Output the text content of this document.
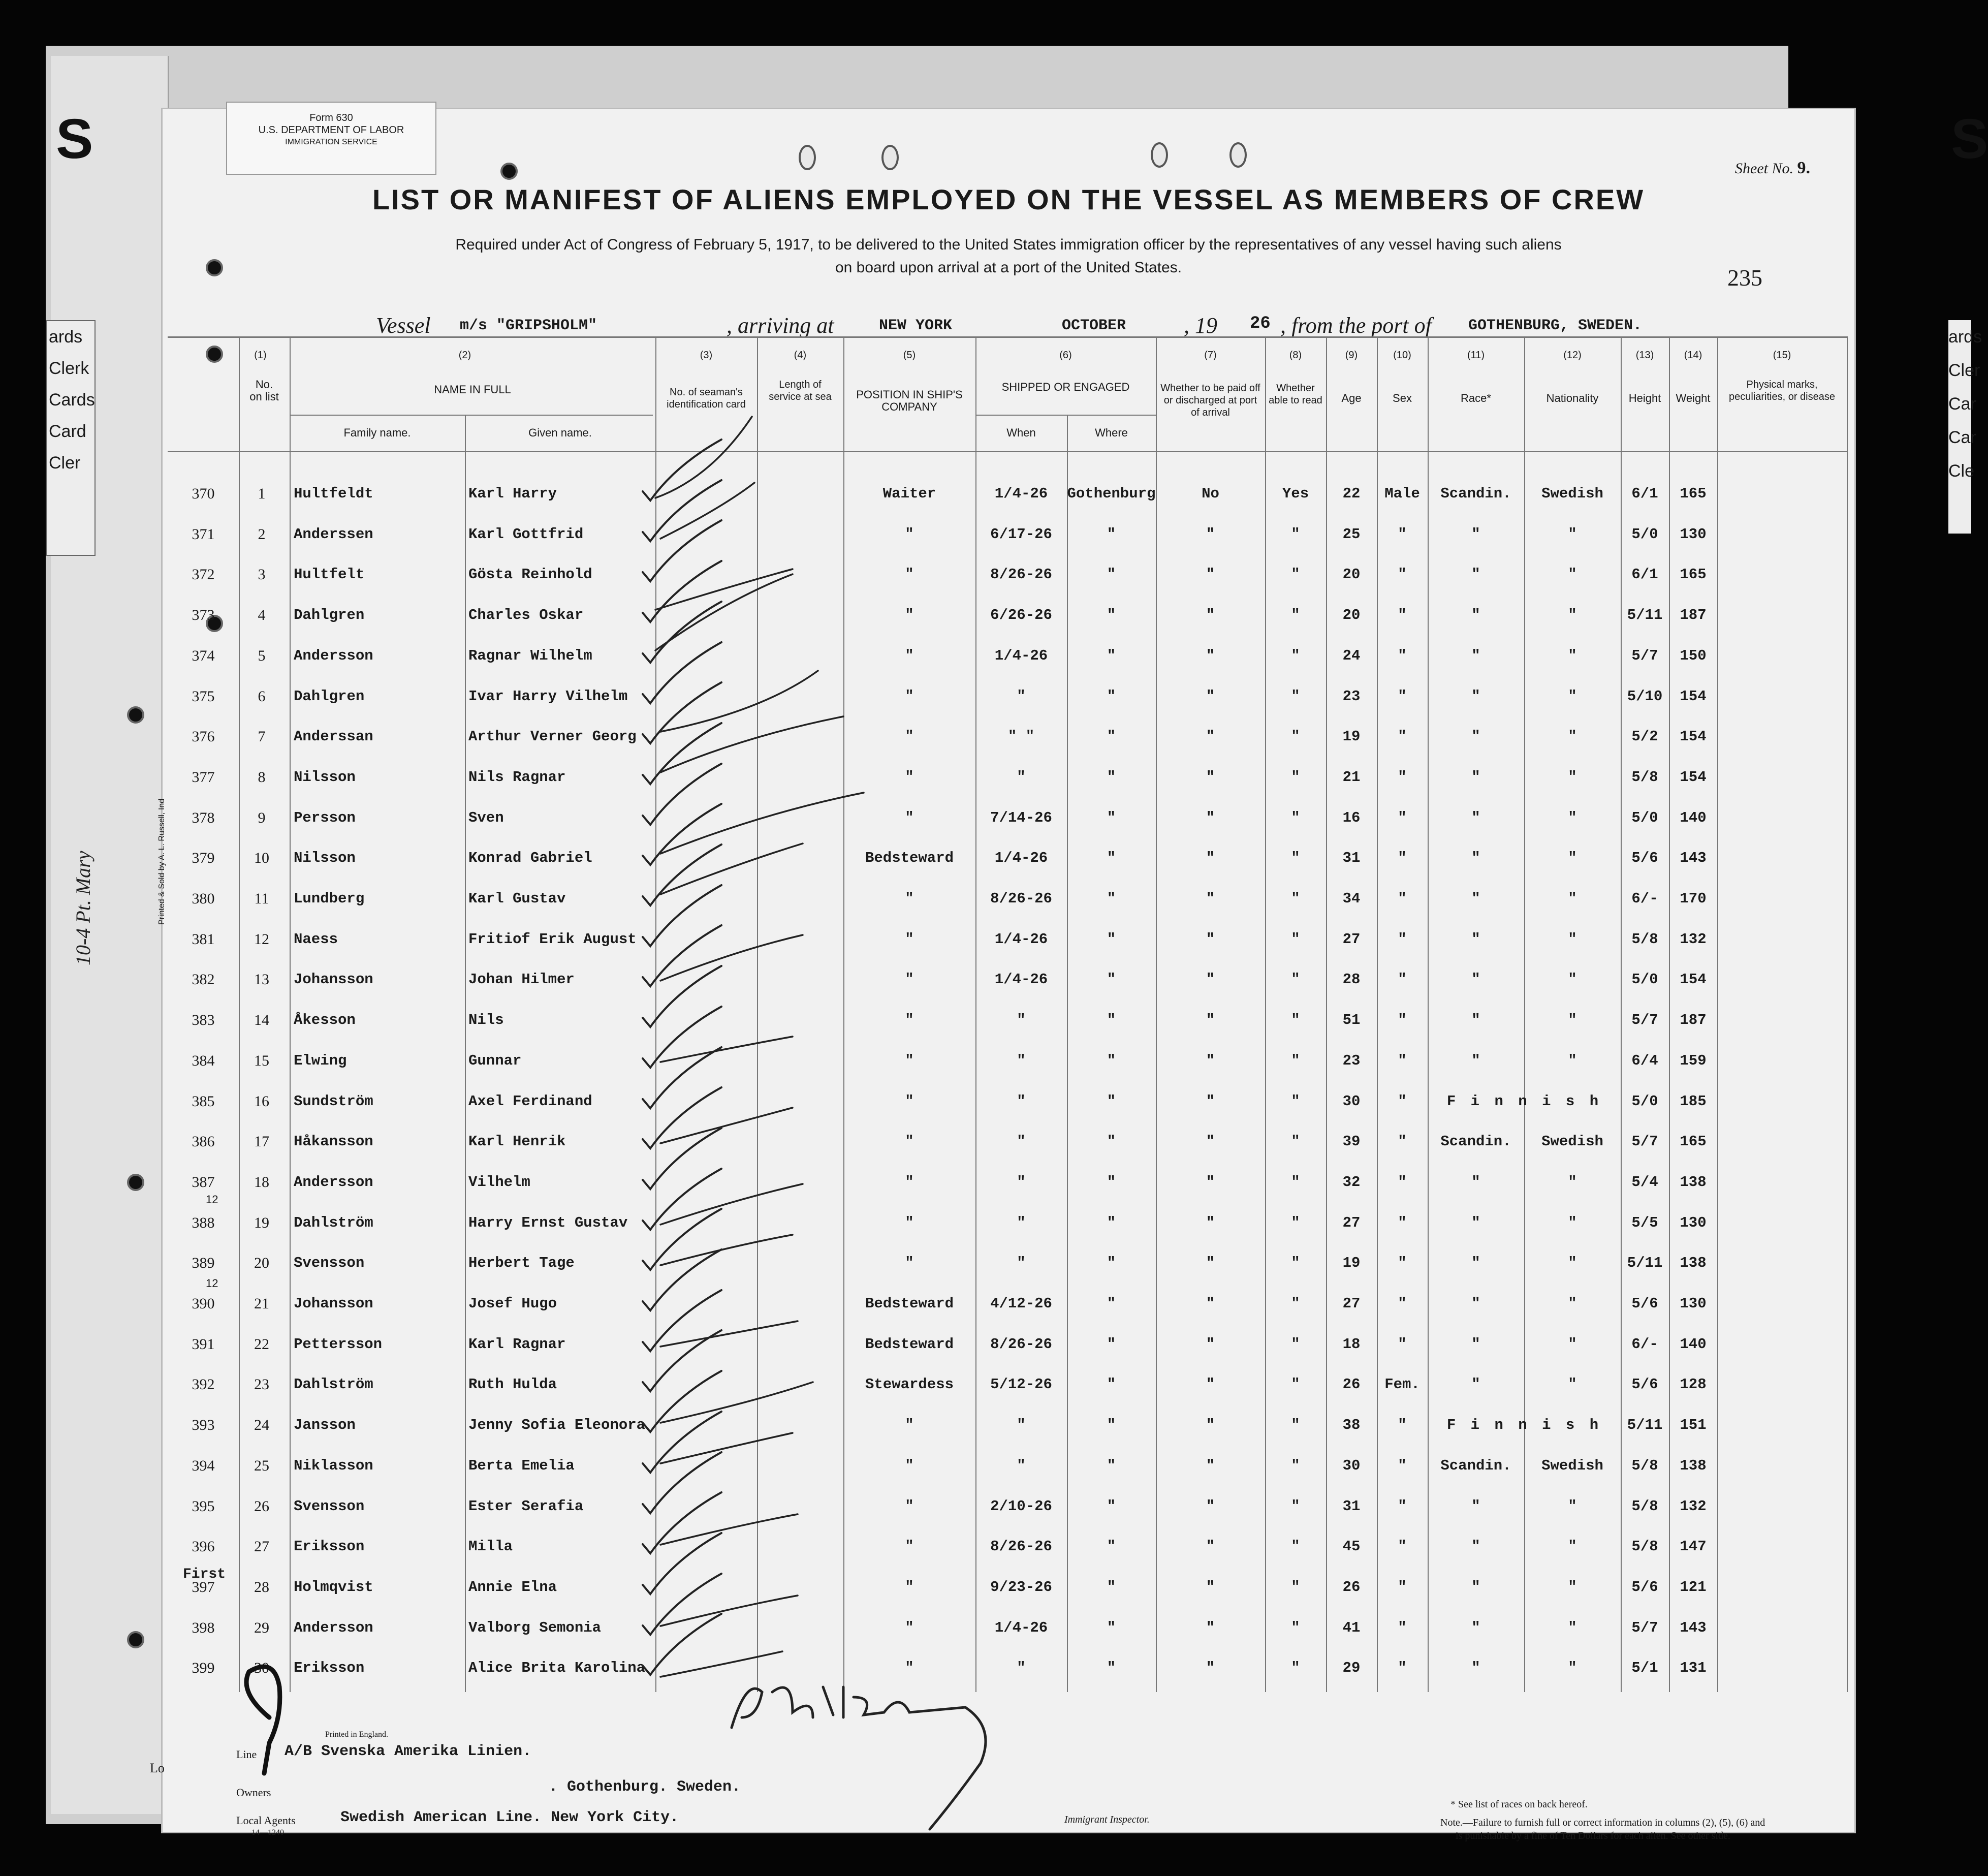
S	S
ards
Clerk
Cards
Card
Cler
ards
Cler
Car
Car
Cle
Form 630
U.S. DEPARTMENT OF LABOR
IMMIGRATION SERVICE
Sheet No. 9.
LIST OR MANIFEST OF ALIENS EMPLOYED ON THE VESSEL AS MEMBERS OF CREW
Required under Act of Congress of February 5, 1917, to be delivered to the United States immigration officer by the representatives of any vessel having such aliens
on board upon arrival at a port of the United States.	235
Vessel m/s "GRIPSHOLM"	, arriving at	NEW YORK	OCTOBER	, 19 26 , from the port of GOTHENBURG, SWEDEN.
(1)	(2)	(3)	(4)	(5)	(6)	(7)	(8)	(9)	(10)	(11)	(12)	(13)	(14)	(15)
No. on list
NAME IN FULL
Family name.	Given name.
No. of seaman's identification card
Length of service at sea	POSITION IN SHIP'S COMPANY
SHIPPED OR ENGAGED
When	Where
Whether to be paid off or discharged at port of arrival
Whether able to read	Age	Sex	Race*	Nationality	Height	Weight
Physical marks, peculiarities, or disease
370	1	Hultfeldt	Karl Harry	Waiter	1/4-26	Gothenburg	No	Yes	22	Male	Scandin.	Swedish	6/1	165
371	2	Anderssen	Karl Gottfrid	"	6/17-26	"	"	"	25	"	"	"	5/0	130
372	3	Hultfelt	Gösta Reinhold	"	8/26-26	"	"	"	20	"	"	"	6/1	165
373	4	Dahlgren	Charles Oskar	"	6/26-26	"	"	"	20	"	"	"	5/11	187
374	5	Andersson	Ragnar Wilhelm	"	1/4-26	"	"	"	24	"	"	"	5/7	150
375	6	Dahlgren	Ivar Harry Vilhelm	"	"	"	"	"	23	"	"	"	5/10	154
376	7	Anderssan	Arthur Verner Georg	"	" "	"	"	"	19	"	"	"	5/2	154
377	8	Nilsson	Nils Ragnar	"	"	"	"	"	21	"	"	"	5/8	154
378	9	Persson	Sven	"	7/14-26	"	"	"	16	"	"	"	5/0	140
379	10	Nilsson	Konrad Gabriel	Bedsteward	1/4-26	"	"	"	31	"	"	"	5/6	143
380	11	Lundberg	Karl Gustav	"	8/26-26	"	"	"	34	"	"	"	6/-	170
381	12	Naess	Fritiof Erik August	"	1/4-26	"	"	"	27	"	"	"	5/8	132
382	13	Johansson	Johan Hilmer	"	1/4-26	"	"	"	28	"	"	"	5/0	154
383	14	Åkesson	Nils	"	"	"	"	"	51	"	"	"	5/7	187
384	15	Elwing	Gunnar	"	"	"	"	"	23	"	"	"	6/4	159
385	16	Sundström	Axel Ferdinand	"	"	"	"	"	30	"	F i n n i s h	5/0	185
386	17	Håkansson	Karl Henrik	"	"	"	"	"	39	"	Scandin.	Swedish	5/7	165
387	18	Andersson	Vilhelm	"	"	"	"	"	32	"	"	"	5/4	138
388	19	Dahlström	Harry Ernst Gustav	"	"	"	"	"	27	"	"	"	5/5	130
389	20	Svensson	Herbert Tage	"	"	"	"	"	19	"	"	"	5/11	138
390	21	Johansson	Josef Hugo	Bedsteward	4/12-26	"	"	"	27	"	"	"	5/6	130
391	22	Pettersson	Karl Ragnar	Bedsteward	8/26-26	"	"	"	18	"	"	"	6/-	140
392	23	Dahlström	Ruth Hulda	Stewardess	5/12-26	"	"	"	26	Fem.	"	"	5/6	128
393	24	Jansson	Jenny Sofia Eleonora	"	"	"	"	"	38	"	F i n n i s h	5/11	151
394	25	Niklasson	Berta Emelia	"	"	"	"	"	30	"	Scandin.	Swedish	5/8	138
395	26	Svensson	Ester Serafia	"	2/10-26	"	"	"	31	"	"	"	5/8	132
396	27	Eriksson	Milla	"	8/26-26	"	"	"	45	"	"	"	5/8	147
397	28	Holmqvist	Annie Elna	"	9/23-26	"	"	"	26	"	"	"	5/6	121
398	29	Andersson	Valborg Semonia	"	1/4-26	"	"	"	41	"	"	"	5/7	143
399	30	Eriksson	Alice Brita Karolina	"	"	"	"	"	29	"	"	"	5/1	131
First
12
12
10-4 Pt. Mary	Printed & Sold by A. L. Russell, Ind
Printed in England.
Line A/B Svenska Amerika Linien.
Owners	. Gothenburg. Sweden.
Local Agents
14—1240
Swedish American Line. New York City.	Immigrant Inspector.
* See list of races on back hereof.
Note.—Failure to furnish full or correct information in columns (2), (5), (6) and
is punishable by a fine of Ten Dollars for each alien. See other side.
Lo
